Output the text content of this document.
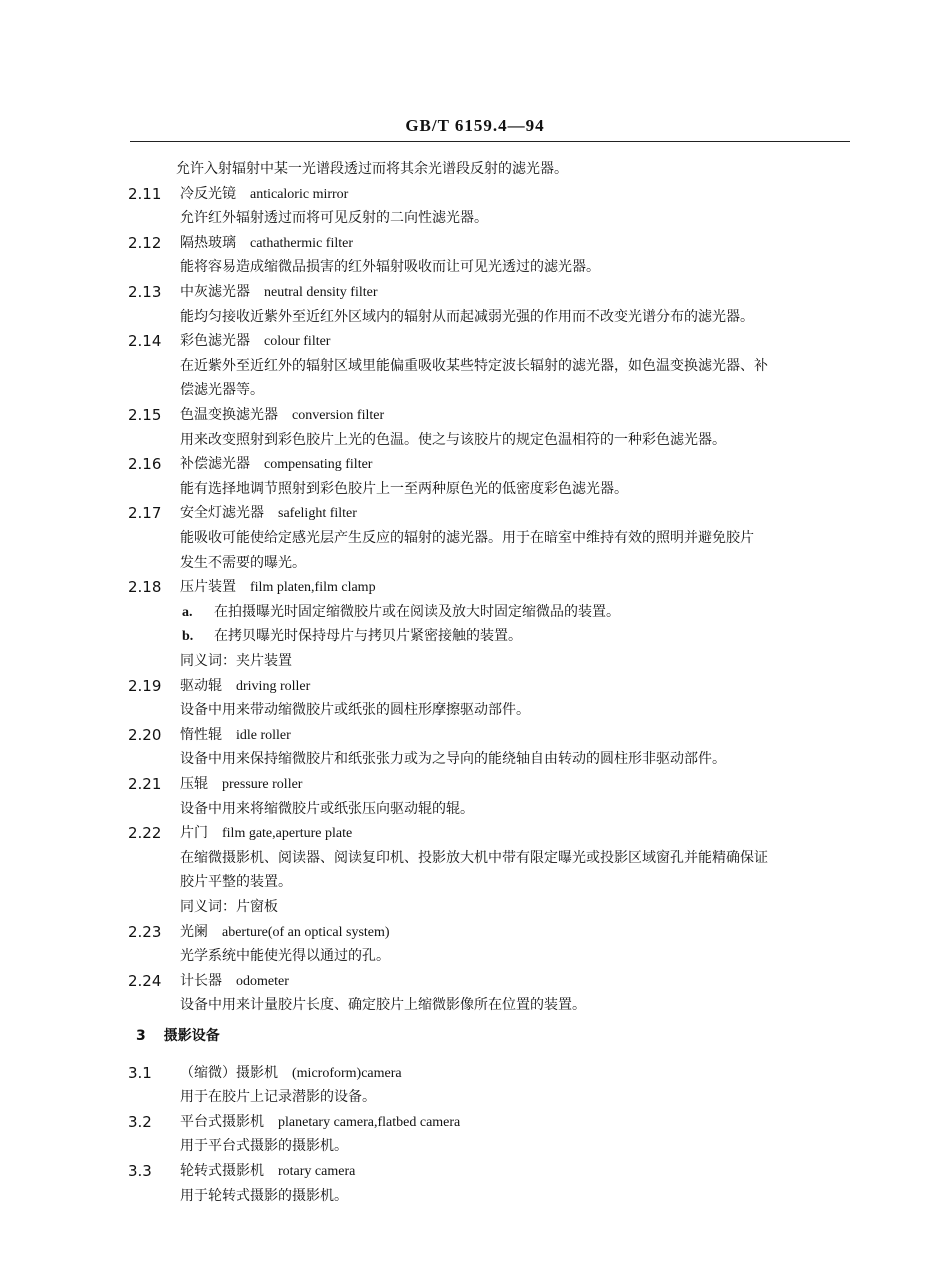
GB/T 6159.4—94
允许入射辐射中某一光谱段透过而将其余光谱段反射的滤光器。
2.11 冷反光镜 anticaloric mirror
允许红外辐射透过而将可见反射的二向性滤光器。
2.12 隔热玻璃 cathathermic filter
能将容易造成缩微品损害的红外辐射吸收而让可见光透过的滤光器。
2.13 中灰滤光器 neutral density filter
能均匀接收近紫外至近红外区域内的辐射从而起减弱光强的作用而不改变光谱分布的滤光器。
2.14 彩色滤光器 colour filter
在近紫外至近红外的辐射区域里能偏重吸收某些特定波长辐射的滤光器，如色温变换滤光器、补
偿滤光器等。
2.15 色温变换滤光器 conversion filter
用来改变照射到彩色胶片上光的色温。使之与该胶片的规定色温相符的一种彩色滤光器。
2.16 补偿滤光器 compensating filter
能有选择地调节照射到彩色胶片上一至两种原色光的低密度彩色滤光器。
2.17 安全灯滤光器 safelight filter
能吸收可能使给定感光层产生反应的辐射的滤光器。用于在暗室中维持有效的照明并避免胶片
发生不需要的曝光。
2.18 压片装置 film platen,film clamp
a. 在拍摄曝光时固定缩微胶片或在阅读及放大时固定缩微品的装置。
b. 在拷贝曝光时保持母片与拷贝片紧密接触的装置。
同义词：夹片装置
2.19 驱动辊 driving roller
设备中用来带动缩微胶片或纸张的圆柱形摩擦驱动部件。
2.20 惰性辊 idle roller
设备中用来保持缩微胶片和纸张张力或为之导向的能绕轴自由转动的圆柱形非驱动部件。
2.21 压辊 pressure roller
设备中用来将缩微胶片或纸张压向驱动辊的辊。
2.22 片门 film gate,aperture plate
在缩微摄影机、阅读器、阅读复印机、投影放大机中带有限定曝光或投影区域窗孔并能精确保证
胶片平整的装置。
同义词：片窗板
2.23 光阑 aberture(of an optical system)
光学系统中能使光得以通过的孔。
2.24 计长器 odometer
设备中用来计量胶片长度、确定胶片上缩微影像所在位置的装置。
3 摄影设备
3.1 （缩微）摄影机 (microform)camera
用于在胶片上记录潜影的设备。
3.2 平台式摄影机 planetary camera,flatbed camera
用于平台式摄影的摄影机。
3.3 轮转式摄影机 rotary camera
用于轮转式摄影的摄影机。
